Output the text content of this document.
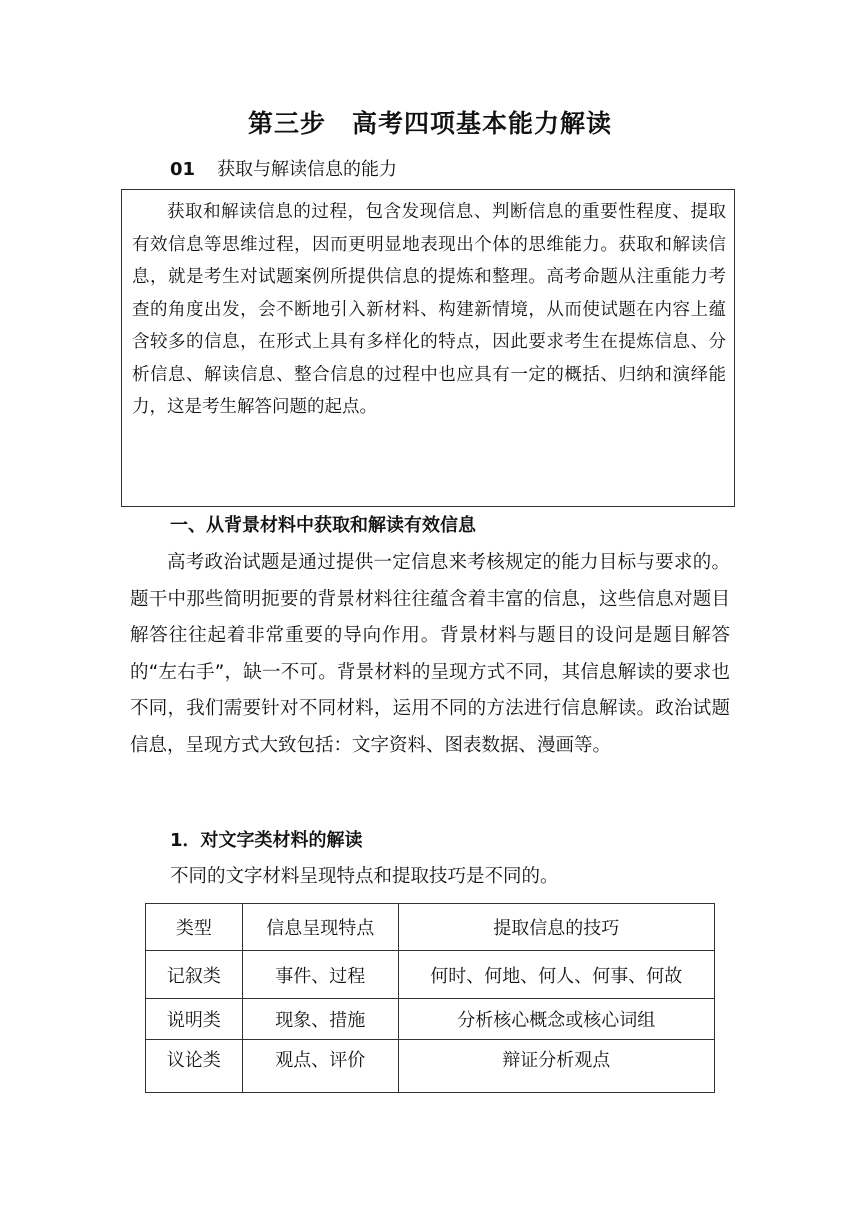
第三步　高考四项基本能力解读
01 获取与解读信息的能力

获取和解读信息的过程，包含发现信息、判断信息的重要性程度、提取有效信息等思维过程，因而更明显地表现出个体的思维能力。获取和解读信息，就是考生对试题案例所提供信息的提炼和整理。高考命题从注重能力考查的角度出发，会不断地引入新材料、构建新情境，从而使试题在内容上蕴含较多的信息，在形式上具有多样化的特点，因此要求考生在提炼信息、分析信息、解读信息、整合信息的过程中也应具有一定的概括、归纳和演绎能力，这是考生解答问题的起点。

一、从背景材料中获取和解读有效信息

高考政治试题是通过提供一定信息来考核规定的能力目标与要求的。题干中那些简明扼要的背景材料往往蕴含着丰富的信息，这些信息对题目解答往往起着非常重要的导向作用。背景材料与题目的设问是题目解答的“左右手”，缺一不可。背景材料的呈现方式不同，其信息解读的要求也不同，我们需要针对不同材料，运用不同的方法进行信息解读。政治试题信息，呈现方式大致包括：文字资料、图表数据、漫画等。

1．对文字类材料的解读
不同的文字材料呈现特点和提取技巧是不同的。
类型	信息呈现特点	提取信息的技巧
记叙类	事件、过程	何时、何地、何人、何事、何故
说明类	现象、措施	分析核心概念或核心词组
议论类	观点、评价	辩证分析观点
